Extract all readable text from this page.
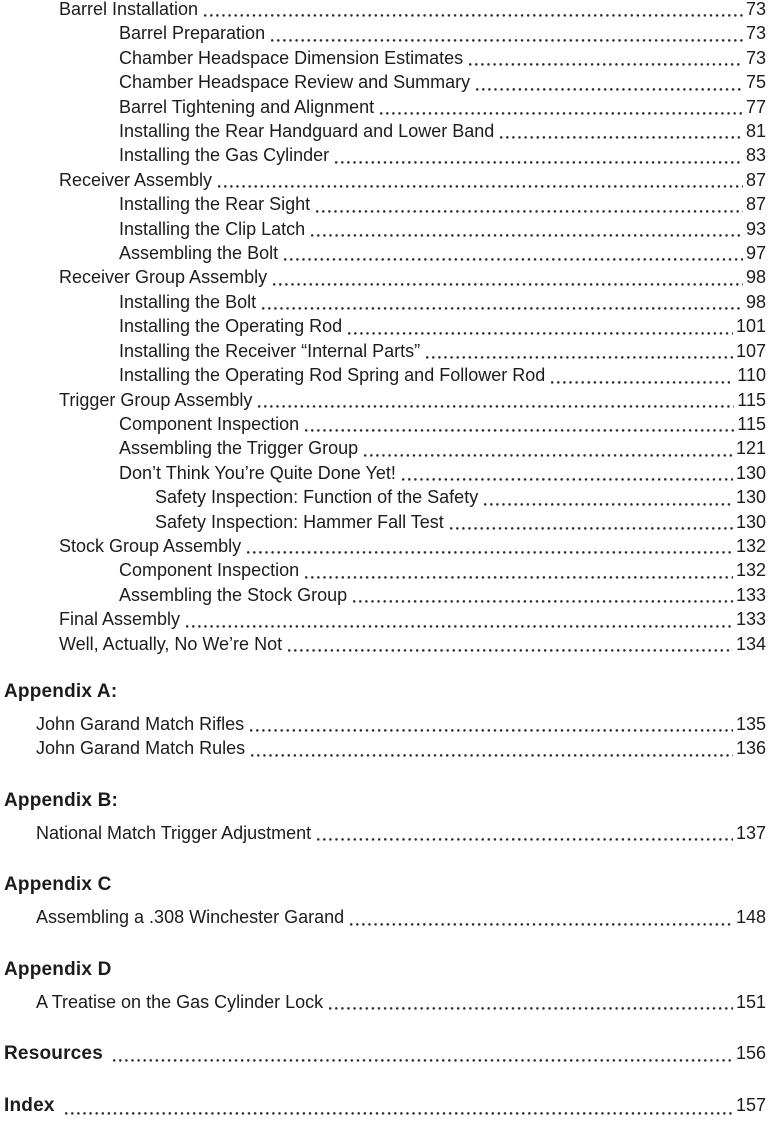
Barrel Installation	73
Barrel Preparation	73
Chamber Headspace Dimension Estimates	73
Chamber Headspace Review and Summary	75
Barrel Tightening and Alignment	77
Installing the Rear Handguard and Lower Band	81
Installing the Gas Cylinder	83
Receiver Assembly	87
Installing the Rear Sight	87
Installing the Clip Latch	93
Assembling the Bolt	97
Receiver Group Assembly	98
Installing the Bolt	98
Installing the Operating Rod	101
Installing the Receiver “Internal Parts”	107
Installing the Operating Rod Spring and Follower Rod	110
Trigger Group Assembly	115
Component Inspection	115
Assembling the Trigger Group	121
Don’t Think You’re Quite Done Yet!	130
Safety Inspection: Function of the Safety	130
Safety Inspection: Hammer Fall Test	130
Stock Group Assembly	132
Component Inspection	132
Assembling the Stock Group	133
Final Assembly	133
Well, Actually, No We’re Not	134
Appendix A:
John Garand Match Rifles	135
John Garand Match Rules	136
Appendix B:
National Match Trigger Adjustment	137
Appendix C
Assembling a .308 Winchester Garand	148
Appendix D
A Treatise on the Gas Cylinder Lock	151
Resources	156
Index	157
